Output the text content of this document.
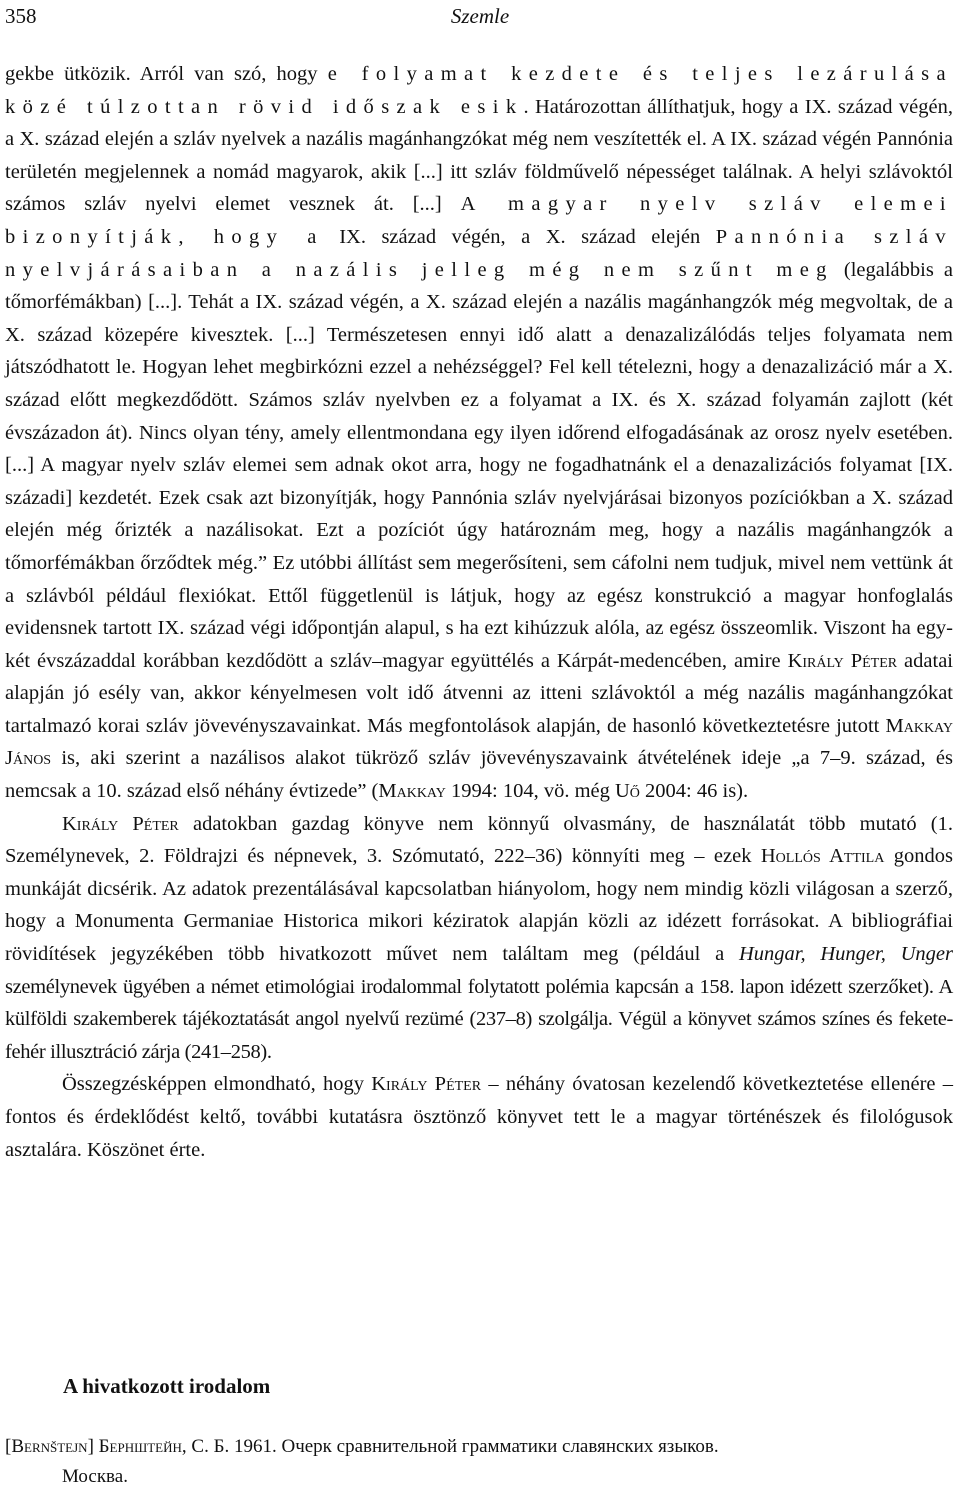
358	Szemle

gekbe ütközik. Arról van szó, hogy e folyamat kezdete és teljes lezárulása közé túlzottan rövid időszak esik. Határozottan állíthatjuk, hogy a IX. század végén, a X. század elején a szláv nyelvek a nazális magánhangzókat még nem veszítették el. A IX. század végén Pannónia területén megjelennek a nomád magyarok, akik [...] itt szláv földművelő népességet találnak. A helyi szlávoktól számos szláv nyelvi elemet vesznek át. [...] A magyar nyelv szláv elemei bizonyítják, hogy a IX. század végén, a X. század elején Pannónia szláv nyelvjárásaiban a nazális jelleg még nem szűnt meg (legalábbis a tőmorfémákban) [...]. Tehát a IX. század végén, a X. század elején a nazális magánhangzók még megvoltak, de a X. század közepére kivesztek. [...] Természetesen ennyi idő alatt a denazalizálódás teljes folyamata nem játszódhatott le. Hogyan lehet megbirkózni ezzel a nehézséggel? Fel kell tételezni, hogy a denazalizáció már a X. század előtt megkezdődött. Számos szláv nyelvben ez a folyamat a IX. és X. század folyamán zajlott (két évszázadon át). Nincs olyan tény, amely ellentmondana egy ilyen időrend elfogadásának az orosz nyelv esetében. [...] A magyar nyelv szláv elemei sem adnak okot arra, hogy ne fogadhatnánk el a denazalizációs folyamat [IX. századi] kezdetét. Ezek csak azt bizonyítják, hogy Pannónia szláv nyelvjárásai bizonyos pozíciókban a X. század elején még őrizték a nazálisokat. Ezt a pozíciót úgy határoznám meg, hogy a nazális magánhangzók a tőmorfémákban őrződtek még.” Ez utóbbi állítást sem megerősíteni, sem cáfolni nem tudjuk, mivel nem vettünk át a szlávból például flexiókat. Ettől függetlenül is látjuk, hogy az egész konstrukció a magyar honfoglalás evidensnek tartott IX. század végi időpontján alapul, s ha ezt kihúzzuk alóla, az egész összeomlik. Viszont ha egy-két évszázaddal korábban kezdődött a szláv–magyar együttélés a Kárpát-medencében, amire Király Péter adatai alapján jó esély van, akkor kényelmesen volt idő átvenni az itteni szlávoktól a még nazális magánhangzókat tartalmazó korai szláv jövevényszavainkat. Más megfontolások alapján, de hasonló következtetésre jutott Makkay János is, aki szerint a nazálisos alakot tükröző szláv jövevényszavaink átvételének ideje „a 7–9. század, és nemcsak a 10. század első néhány évtizede” (Makkay 1994: 104, vö. még Uő 2004: 46 is).

Király Péter adatokban gazdag könyve nem könnyű olvasmány, de használatát több mutató (1. Személynevek, 2. Földrajzi és népnevek, 3. Szómutató, 222–36) könnyíti meg – ezek Hollós Attila gondos munkáját dicsérik. Az adatok prezentálásával kapcsolatban hiányolom, hogy nem mindig közli világosan a szerző, hogy a Monumenta Germaniae Historica mikori kéziratok alapján közli az idézett forrásokat. A bibliográfiai rövidítések jegyzékében több hivatkozott művet nem találtam meg (például a Hungar, Hunger, Unger személynevek ügyében a német etimológiai irodalommal folytatott polémia kapcsán a 158. lapon idézett szerzőket). A külföldi szakemberek tájékoztatását angol nyelvű rezümé (237–8) szolgálja. Végül a könyvet számos színes és fekete-fehér illusztráció zárja (241–258).

Összegzésképpen elmondható, hogy Király Péter – néhány óvatosan kezelendő következtetése ellenére – fontos és érdeklődést keltő, további kutatásra ösztönző könyvet tett le a magyar történészek és filológusok asztalára. Köszönet érte.

A hivatkozott irodalom
[Bernštejn] Бернштейн, С. Б. 1961. Очерк сравнительной грамматики славянских языков.
Москва.
